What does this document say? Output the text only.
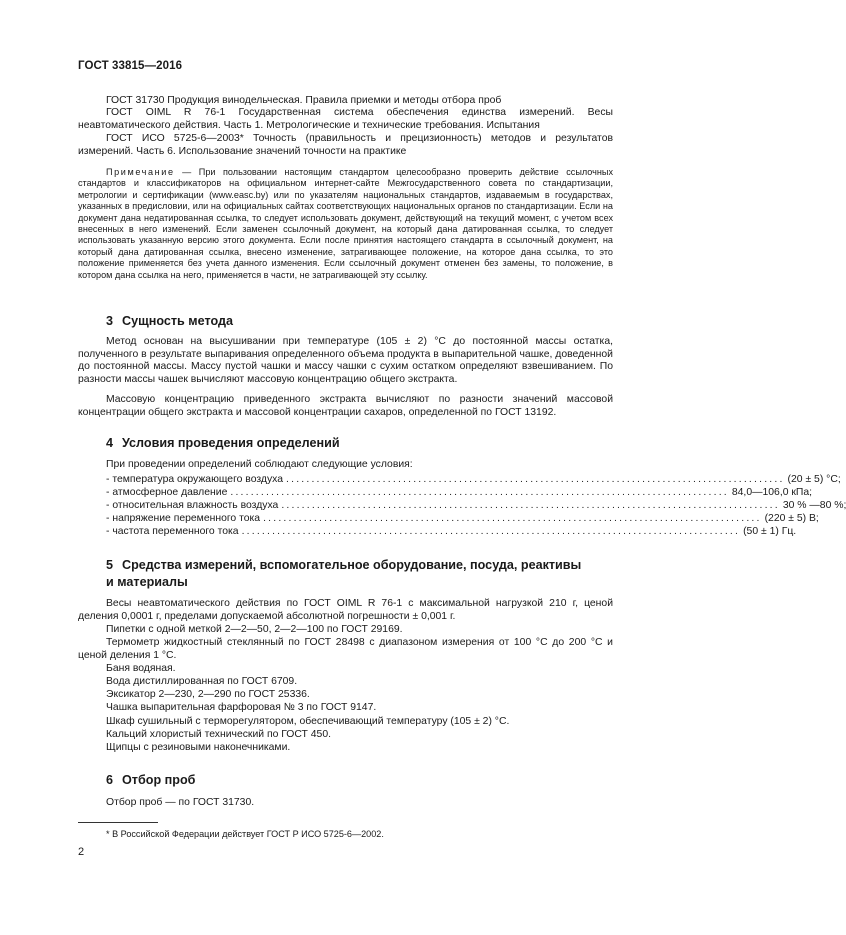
ГОСТ 33815—2016
ГОСТ 31730 Продукция винодельческая. Правила приемки и методы отбора проб
ГОСТ OIML R 76-1 Государственная система обеспечения единства измерений. Весы неавтоматического действия. Часть 1. Метрологические и технические требования. Испытания
ГОСТ ИСО 5725-6—2003* Точность (правильность и прецизионность) методов и результатов измерений. Часть 6. Использование значений точности на практике
Примечание — При пользовании настоящим стандартом целесообразно проверить действие ссылочных стандартов и классификаторов на официальном интернет-сайте Межгосударственного совета по стандартизации, метрологии и сертификации (www.easc.by) или по указателям национальных стандартов, издаваемым в государствах, указанных в предисловии, или на официальных сайтах соответствующих национальных органов по стандартизации. Если на документ дана недатированная ссылка, то следует использовать документ, действующий на текущий момент, с учетом всех внесенных в него изменений. Если заменен ссылочный документ, на который дана датированная ссылка, то следует использовать указанную версию этого документа. Если после принятия настоящего стандарта в ссылочный документ, на который дана датированная ссылка, внесено изменение, затрагивающее положение, на которое дана ссылка, то это положение применяется без учета данного изменения. Если ссылочный документ отменен без замены, то положение, в котором дана ссылка на него, применяется в части, не затрагивающей эту ссылку.
3 Сущность метода
Метод основан на высушивании при температуре (105 ± 2) °С до постоянной массы остатка, полученного в результате выпаривания определенного объема продукта в выпарительной чашке, доведенной до постоянной массы. Массу пустой чашки и массу чашки с сухим остатком определяют взвешиванием. По разности массы чашек вычисляют массовую концентрацию общего экстракта.
Массовую концентрацию приведенного экстракта вычисляют по разности значений массовой концентрации общего экстракта и массовой концентрации сахаров, определенной по ГОСТ 13192.
4 Условия проведения определений
При проведении определений соблюдают следующие условия:
- температура окружающего воздуха .................................................................................................. (20 ± 5) °С;
- атмосферное давление .................................................................................................. 84,0—106,0 кПа;
- относительная влажность воздуха .................................................................................................. 30 % —80 %;
- напряжение переменного тока .................................................................................................. (220 ± 5) В;
- частота переменного тока .................................................................................................. (50 ± 1) Гц.
5 Средства измерений, вспомогательное оборудование, посуда, реактивы
и материалы
Весы неавтоматического действия по ГОСТ OIML R 76-1 с максимальной нагрузкой 210 г, ценой деления 0,0001 г, пределами допускаемой абсолютной погрешности ± 0,001 г.
Пипетки с одной меткой 2—2—50, 2—2—100 по ГОСТ 29169.
Термометр жидкостный стеклянный по ГОСТ 28498 с диапазоном измерения от 100 °С до 200 °С и ценой деления 1 °С.
Баня водяная.
Вода дистиллированная по ГОСТ 6709.
Эксикатор 2—230, 2—290 по ГОСТ 25336.
Чашка выпарительная фарфоровая № 3 по ГОСТ 9147.
Шкаф сушильный с терморегулятором, обеспечивающий температуру (105 ± 2) °С.
Кальций хлористый технический по ГОСТ 450.
Щипцы с резиновыми наконечниками.
6 Отбор проб
Отбор проб — по ГОСТ 31730.
* В Российской Федерации действует ГОСТ Р ИСО 5725-6—2002.
2
